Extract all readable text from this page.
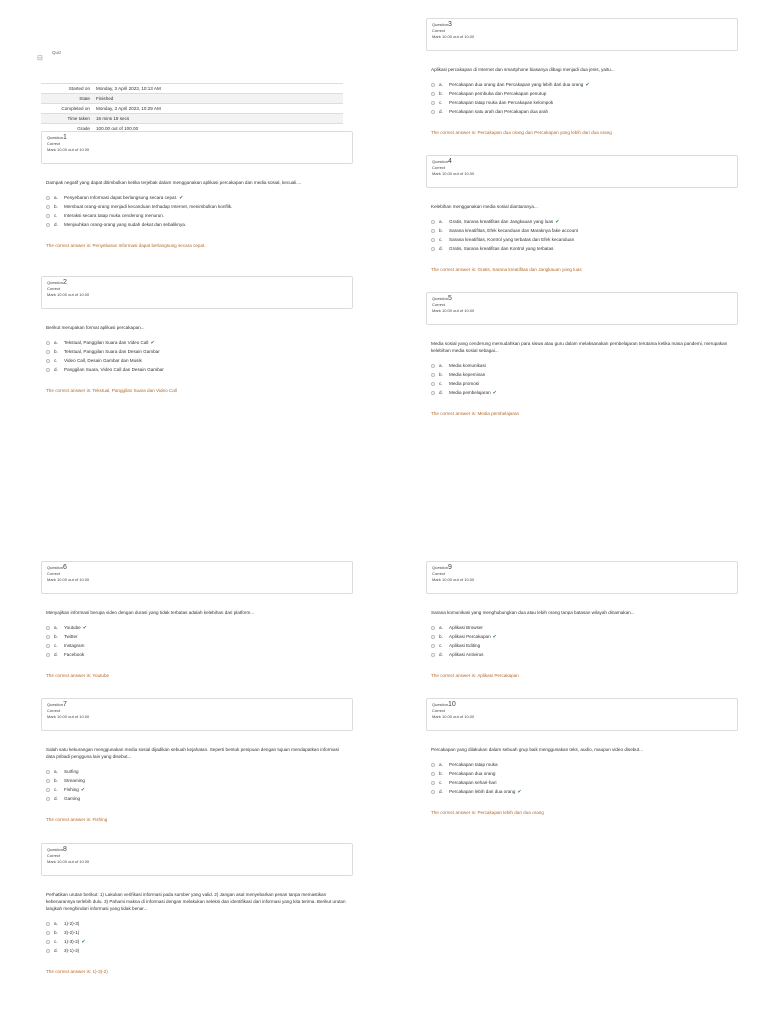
⊟
Quiz
Started on	Monday, 3 April 2023, 10:13 AM
State	Finished
Completed on	Monday, 3 April 2023, 10:29 AM
Time taken	16 mins 18 secs
Grade	100.00 out of 100.00
Question1
Correct
Mark 10.00 out of 10.00
Dampak negatif yang dapat ditimbulkan ketika terjebak dalam menggunakan aplikasi percakapan dan media sosial, kecuali....
a.	Penyebaran Informasi dapat berlangsung secara cepat. ✔
b.	Membuat orang-orang menjadi kecanduan terhadap Internet, menimbulkan konflik.
c.	Interaksi secara tatap muka cenderung menurun.
d.	Menjauhkan orang-orang yang sudah dekat dan sebaliknya.
The correct answer is: Penyebaran Informasi dapat berlangsung secara cepat.
Question2
Correct
Mark 10.00 out of 10.00
Berikut merupakan format aplikasi percakapan...
a.	Tekstual, Panggilan Suara dan Video Call ✔
b.	Tekstual, Panggilan Suara dan Desain Gambar
c.	Video Call, Desain Gambar dan Musik
d.	Panggilan Suara, Video Call dan Desain Gambar
The correct answer is: Tekstual, Panggilan Suara dan Video Call
Question3
Correct
Mark 10.00 out of 10.00
Aplikasi percakapan di Internet dan smartphone biasanya dibagi menjadi dua jenis, yaitu...
a.	Percakapan dua orang dan Percakapan yang lebih dari dua orang ✔
b.	Percakapan pembuka dan Percakapan penutup
c.	Percakapan tatap muka dan Percakapan kelompok
d.	Percakapan satu arah dan Percakapan dua arah
The correct answer is: Percakapan dua orang dan Percakapan yang lebih dari dua orang
Question4
Correct
Mark 10.00 out of 10.00
Kelebihan menggunakan media sosial diantaranya...
a.	Gratis, Sarana kreatifitas dan Jangkauan yang luas ✔
b.	Sarana kreatifitas, Efek kecanduan dan Maraknya fake account
c.	Sarana kreatifitas, Kontrol yang terbatas dan Efek kecanduan
d.	Gratis, Sarana kreatifitas dan Kontrol yang terbatas
The correct answer is: Gratis, Sarana kreatifitas dan Jangkauan yang luas
Question5
Correct
Mark 10.00 out of 10.00
Media sosial yang cenderung memudahkan para siswa atau guru dalam melaksanakan pembelajaran terutama ketika masa pandemi, merupakan kelebihan media sosial sebagai...
a.	Media komunikasi
b.	Media kepeminan
c.	Media promosi
d.	Media pembelajaran ✔
The correct answer is: Media pembelajaran
Question6
Correct
Mark 10.00 out of 10.00
Menyajikan informasi berupa video dengan durasi yang tidak terbatas adalah kelebihan dari platform...
a.	Youtube ✔
b.	Twitter
c.	Instagram
d.	Facebook
The correct answer is: Youtube
Question7
Correct
Mark 10.00 out of 10.00
Salah satu kekurangan menggunakan media sosial dijadikan sebuah kejahatan. Seperti bentuk penipuan dengan tujuan mendapatkan informasi data pribadi pengguna lain yang disebut...
a.	Surfing
b.	Streaming
c.	Fishing ✔
d.	Gaming
The correct answer is: Fishing
Question8
Correct
Mark 10.00 out of 10.00
Perhatikan urutan berikut: 1) Lakukan verifikasi informasi pada sumber yang valid. 2) Jangan asal menyebarkan pesan tanpa memastikan kebenarannya terlebih dulu. 3) Pahami makna di informasi dengan melakukan seleksi dan identifikasi dari informasi yang kita terima. Berikut urutan langkah menghindari informasi yang tidak benar...
a.	1)-2)-3)
b.	3)-2)-1)
c.	1)-3)-2) ✔
d.	3)-1)-2)
The correct answer is: 1)-3)-2)
Question9
Correct
Mark 10.00 out of 10.00
Sarana komunikasi yang menghubungkan dua atau lebih orang tanpa batasan wilayah dinamakan...
a.	Aplikasi Browser
b.	Aplikasi Percakapan ✔
c.	Aplikasi Editing
d.	Aplikasi Antivirus
The correct answer is: Aplikasi Percakapan
Question10
Correct
Mark 10.00 out of 10.00
Percakapan yang dilakukan dalam sebuah grup baik menggunakan teks, audio, maupun video disebut...
a.	Percakapan tatap muka
b.	Percakapan dua orang
c.	Percakapan sehari-hari
d.	Percakapan lebih dari dua orang ✔
The correct answer is: Percakapan lebih dari dua orang
